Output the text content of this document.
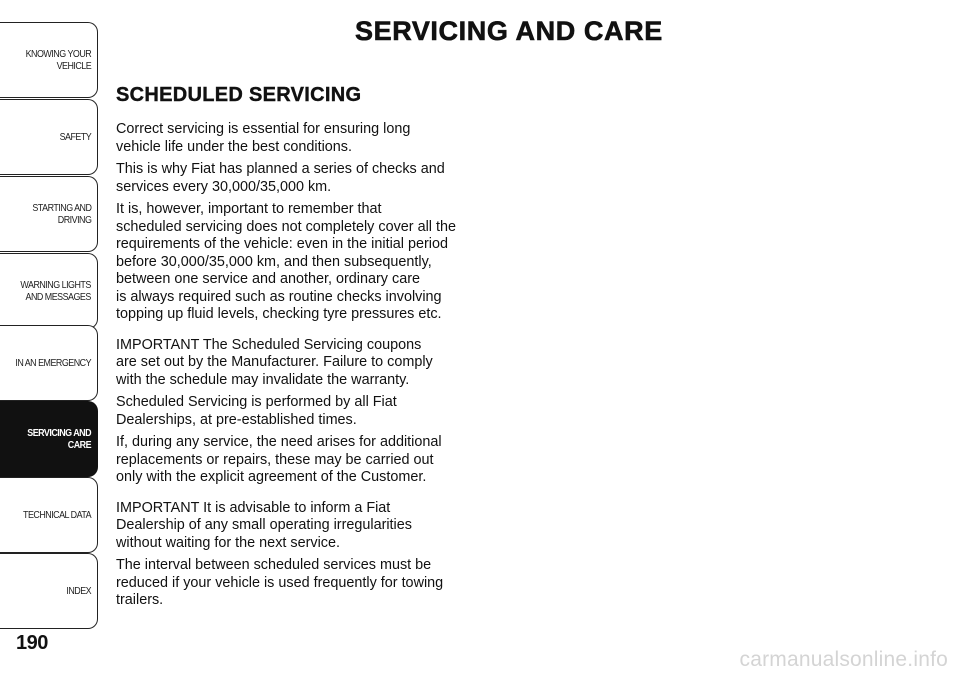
KNOWING YOUR
VEHICLE
SAFETY
STARTING AND
DRIVING
WARNING LIGHTS
AND MESSAGES
IN AN EMERGENCY
SERVICING AND
CARE
TECHNICAL DATA
INDEX
190
SERVICING AND CARE
SCHEDULED SERVICING

Correct servicing is essential for ensuring long
vehicle life under the best conditions.

This is why Fiat has planned a series of checks and
services every 30,000/35,000 km.

It is, however, important to remember that
scheduled servicing does not completely cover all the
requirements of the vehicle: even in the initial period
before 30,000/35,000 km, and then subsequently,
between one service and another, ordinary care
is always required such as routine checks involving
topping up fluid levels, checking tyre pressures etc.

IMPORTANT The Scheduled Servicing coupons
are set out by the Manufacturer. Failure to comply
with the schedule may invalidate the warranty.

Scheduled Servicing is performed by all Fiat
Dealerships, at pre-established times.

If, during any service, the need arises for additional
replacements or repairs, these may be carried out
only with the explicit agreement of the Customer.

IMPORTANT It is advisable to inform a Fiat
Dealership of any small operating irregularities
without waiting for the next service.

The interval between scheduled services must be
reduced if your vehicle is used frequently for towing
trailers.

carmanualsonline.info
